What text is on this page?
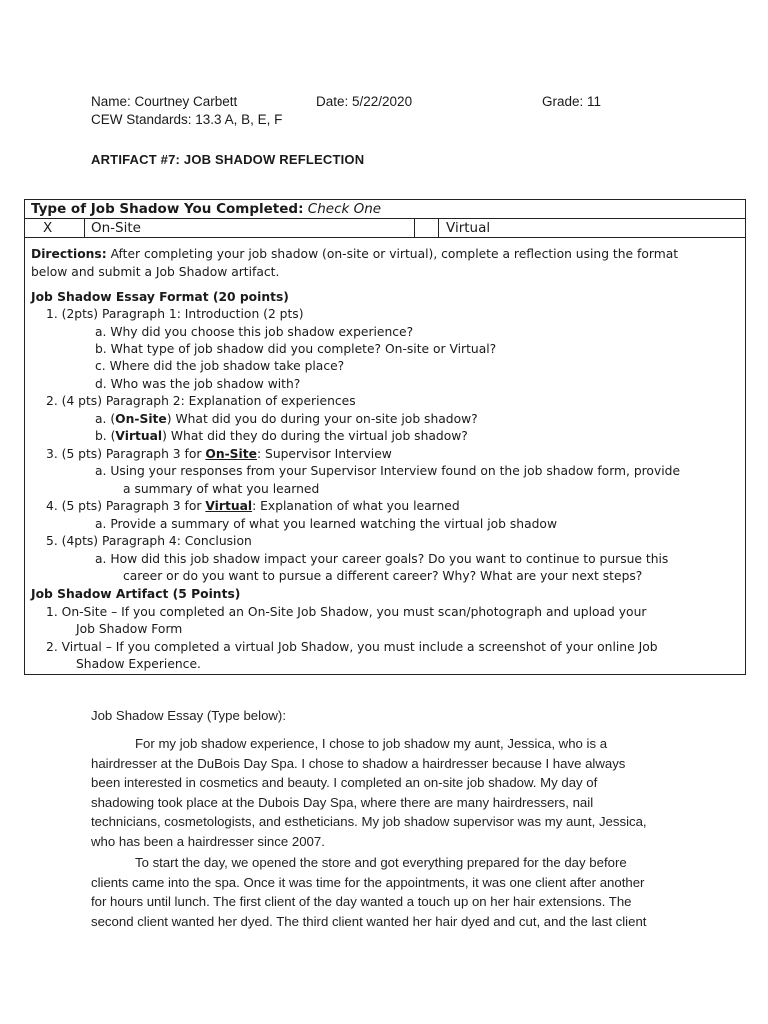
Name: Courtney Carbett	Date: 5/22/2020	Grade: 11
CEW Standards: 13.3 A, B, E, F
ARTIFACT #7: JOB SHADOW REFLECTION
Type of Job Shadow You Completed: Check One
X	On-Site	Virtual
Directions: After completing your job shadow (on-site or virtual), complete a reflection using the format
below and submit a Job Shadow artifact.
Job Shadow Essay Format (20 points)
1. (2pts) Paragraph 1: Introduction (2 pts)
a. Why did you choose this job shadow experience?
b. What type of job shadow did you complete? On-site or Virtual?
c. Where did the job shadow take place?
d. Who was the job shadow with?
2. (4 pts) Paragraph 2: Explanation of experiences
a. (On-Site) What did you do during your on-site job shadow?
b. (Virtual) What did they do during the virtual job shadow?
3. (5 pts) Paragraph 3 for On-Site: Supervisor Interview
a. Using your responses from your Supervisor Interview found on the job shadow form, provide
a summary of what you learned
4. (5 pts) Paragraph 3 for Virtual: Explanation of what you learned
a. Provide a summary of what you learned watching the virtual job shadow
5. (4pts) Paragraph 4: Conclusion
a. How did this job shadow impact your career goals? Do you want to continue to pursue this
career or do you want to pursue a different career? Why? What are your next steps?
Job Shadow Artifact (5 Points)
1. On-Site – If you completed an On-Site Job Shadow, you must scan/photograph and upload your
Job Shadow Form
2. Virtual – If you completed a virtual Job Shadow, you must include a screenshot of your online Job
Shadow Experience.
Job Shadow Essay (Type below):
For my job shadow experience, I chose to job shadow my aunt, Jessica, who is a
hairdresser at the DuBois Day Spa. I chose to shadow a hairdresser because I have always
been interested in cosmetics and beauty. I completed an on-site job shadow. My day of
shadowing took place at the Dubois Day Spa, where there are many hairdressers, nail
technicians, cosmetologists, and estheticians. My job shadow supervisor was my aunt, Jessica,
who has been a hairdresser since 2007.
To start the day, we opened the store and got everything prepared for the day before
clients came into the spa. Once it was time for the appointments, it was one client after another
for hours until lunch. The first client of the day wanted a touch up on her hair extensions. The
second client wanted her dyed. The third client wanted her hair dyed and cut, and the last client
